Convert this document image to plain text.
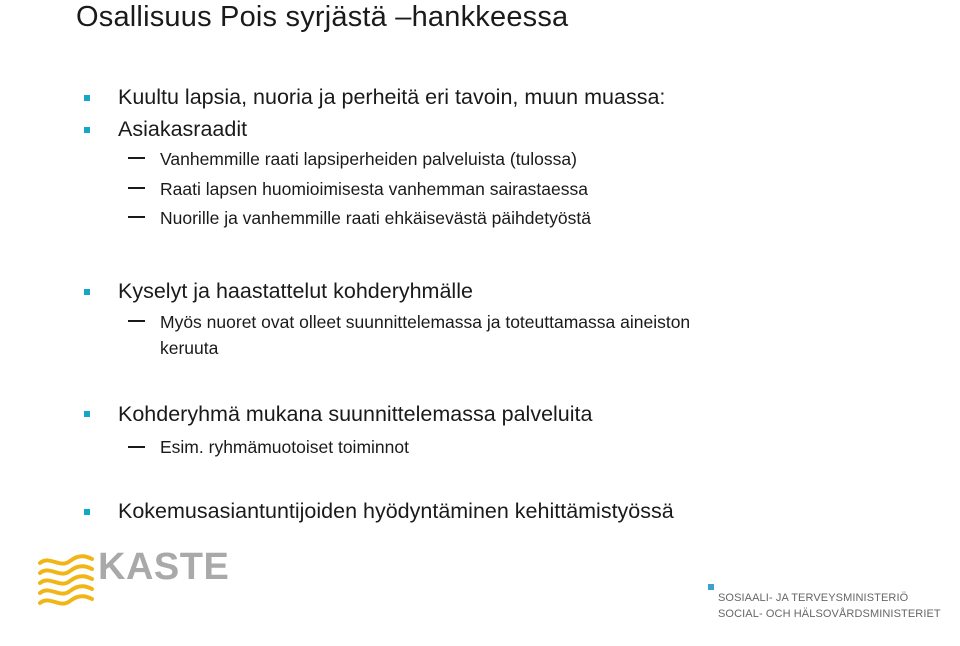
Osallisuus Pois syrjästä –hankkeessa
Kuultu lapsia, nuoria ja perheitä eri tavoin, muun muassa:
Asiakasraadit
Vanhemmille raati lapsiperheiden palveluista (tulossa)
Raati lapsen huomioimisesta vanhemman sairastaessa
Nuorille ja vanhemmille raati ehkäisevästä päihdetyöstä
Kyselyt ja haastattelut kohderyhmälle
Myös nuoret ovat olleet suunnittelemassa ja toteuttamassa aineiston
keruuta
Kohderyhmä mukana suunnittelemassa palveluita
Esim. ryhmämuotoiset toiminnot
Kokemusasiantuntijoiden hyödyntäminen kehittämistyössä
KASTE
SOSIAALI- JA TERVEYSMINISTERIÖ
SOCIAL- OCH HÄLSOVÅRDSMINISTERIET
